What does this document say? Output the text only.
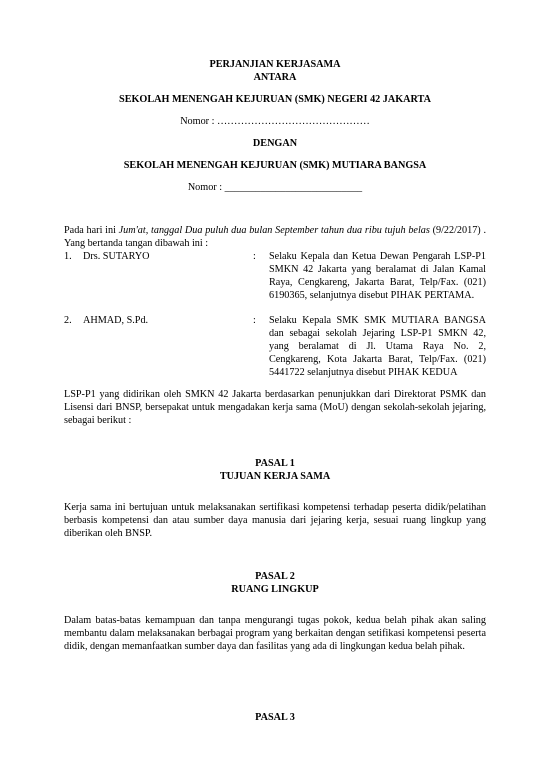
PERJANJIAN KERJASAMA

ANTARA

SEKOLAH MENENGAH KEJURUAN (SMK) NEGERI 42 JAKARTA

Nomor : ………………………………………

DENGAN

SEKOLAH MENENGAH KEJURUAN (SMK) MUTIARA BANGSA

Nomor : ___________________________

Pada hari ini Jum'at, tanggal Dua puluh dua bulan September tahun dua ribu tujuh belas (9/22/2017) . Yang bertanda tangan dibawah ini :

1.	Drs. SUTARYO	:	Selaku Kepala dan Ketua Dewan Pengarah LSP-P1 SMKN 42 Jakarta yang beralamat di Jalan Kamal Raya, Cengkareng, Jakarta Barat, Telp/Fax. (021) 6190365, selanjutnya disebut PIHAK PERTAMA.

2.	AHMAD, S.Pd.	:	Selaku Kepala SMK SMK MUTIARA BANGSA dan sebagai sekolah Jejaring LSP-P1 SMKN 42, yang beralamat di Jl. Utama Raya No. 2, Cengkareng, Kota Jakarta Barat, Telp/Fax. (021) 5441722 selanjutnya disebut PIHAK KEDUA

LSP-P1 yang didirikan oleh SMKN 42 Jakarta berdasarkan penunjukkan dari Direktorat PSMK dan Lisensi dari BNSP, bersepakat untuk mengadakan kerja sama (MoU) dengan sekolah-sekolah jejaring, sebagai berikut :

PASAL 1

TUJUAN KERJA SAMA

Kerja sama ini bertujuan untuk melaksanakan sertifikasi kompetensi terhadap peserta didik/pelatihan berbasis kompetensi dan atau sumber daya manusia dari jejaring kerja, sesuai ruang lingkup yang diberikan oleh BNSP.

PASAL 2

RUANG LINGKUP

Dalam batas-batas kemampuan dan tanpa mengurangi tugas pokok, kedua belah pihak akan saling membantu dalam melaksanakan berbagai program yang berkaitan dengan setifikasi kompetensi peserta didik, dengan memanfaatkan sumber daya dan fasilitas yang ada di lingkungan kedua belah pihak.

PASAL 3
